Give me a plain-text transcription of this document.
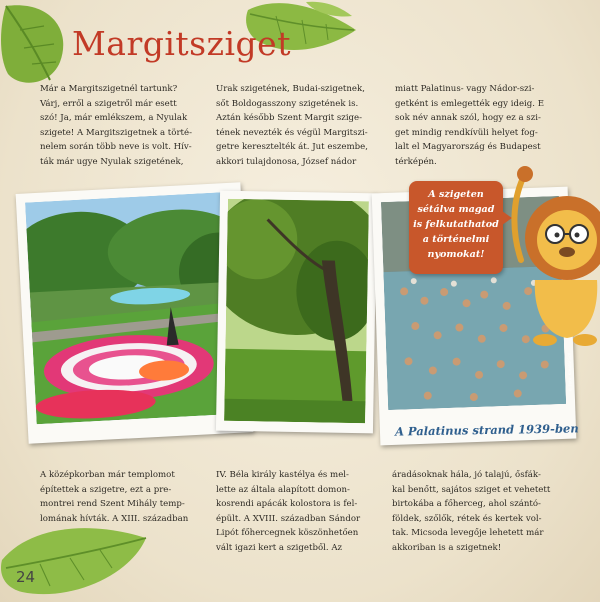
Margitsziget
Már a Margitszigetnél tartunk?
Várj, erről a szigetről már esett
szó! Ja, már emlékszem, a Nyulak
szigete! A Margitszigetnek a törté-
nelem során több neve is volt. Hív-
ták már ugye Nyulak szigetének,
Urak szigetének, Budai-szigetnek,
sőt Boldogasszony szigetének is.
Aztán később Szent Margit szige-
tének nevezték és végül Margitszi-
getre keresztelték át. Jut eszembe,
akkori tulajdonosa, József nádor
miatt Palatinus- vagy Nádor-szi-
getként is emlegették egy ideig. E
sok név annak szól, hogy ez a szi-
get mindig rendkívüli helyet fog-
lalt el Magyarország és Budapest
térképén.
© Fotó: Kreatív Szó
A szigeten
sétálva magad
is felkutathatod
a történelmi
nyomokat!
A Palatinus strand 1939-ben
A középkorban már templomot
építettek a szigetre, ezt a pre-
montrei rend Szent Mihály temp-
lomának hívták. A XIII. században
IV. Béla király kastélya és mel-
lette az általa alapított domon-
kosrendi apácák kolostora is fel-
épült. A XVIII. században Sándor
Lipót főhercegnek köszönhetően
vált igazi kert a szigetből. Az
áradásoknak hála, jó talajú, ősfák-
kal benőtt, sajátos sziget et vehetett
birtokába a főherceg, ahol szántó-
földek, szőlők, rétek és kertek vol-
tak. Micsoda levegője lehetett már
akkoriban is a szigetnek!
24
